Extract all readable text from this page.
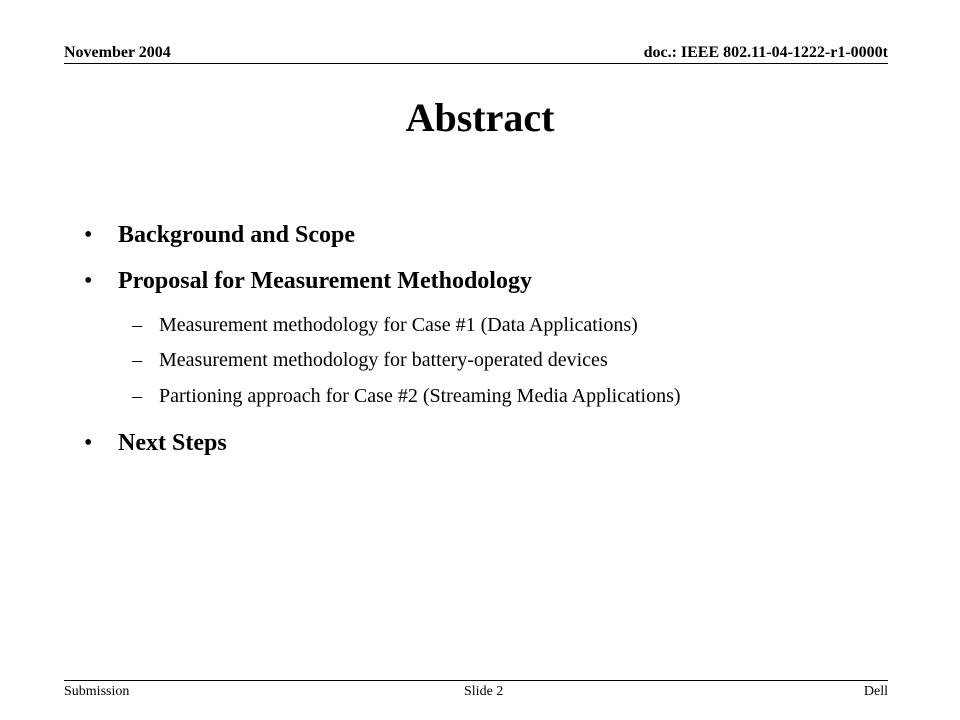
November 2004	doc.: IEEE 802.11-04-1222-r1-0000t
Abstract
• Background and Scope
• Proposal for Measurement Methodology
– Measurement methodology for Case #1 (Data Applications)
– Measurement methodology for battery-operated devices
– Partioning approach for Case #2 (Streaming Media Applications)
• Next Steps
Submission	Slide 2	Dell
